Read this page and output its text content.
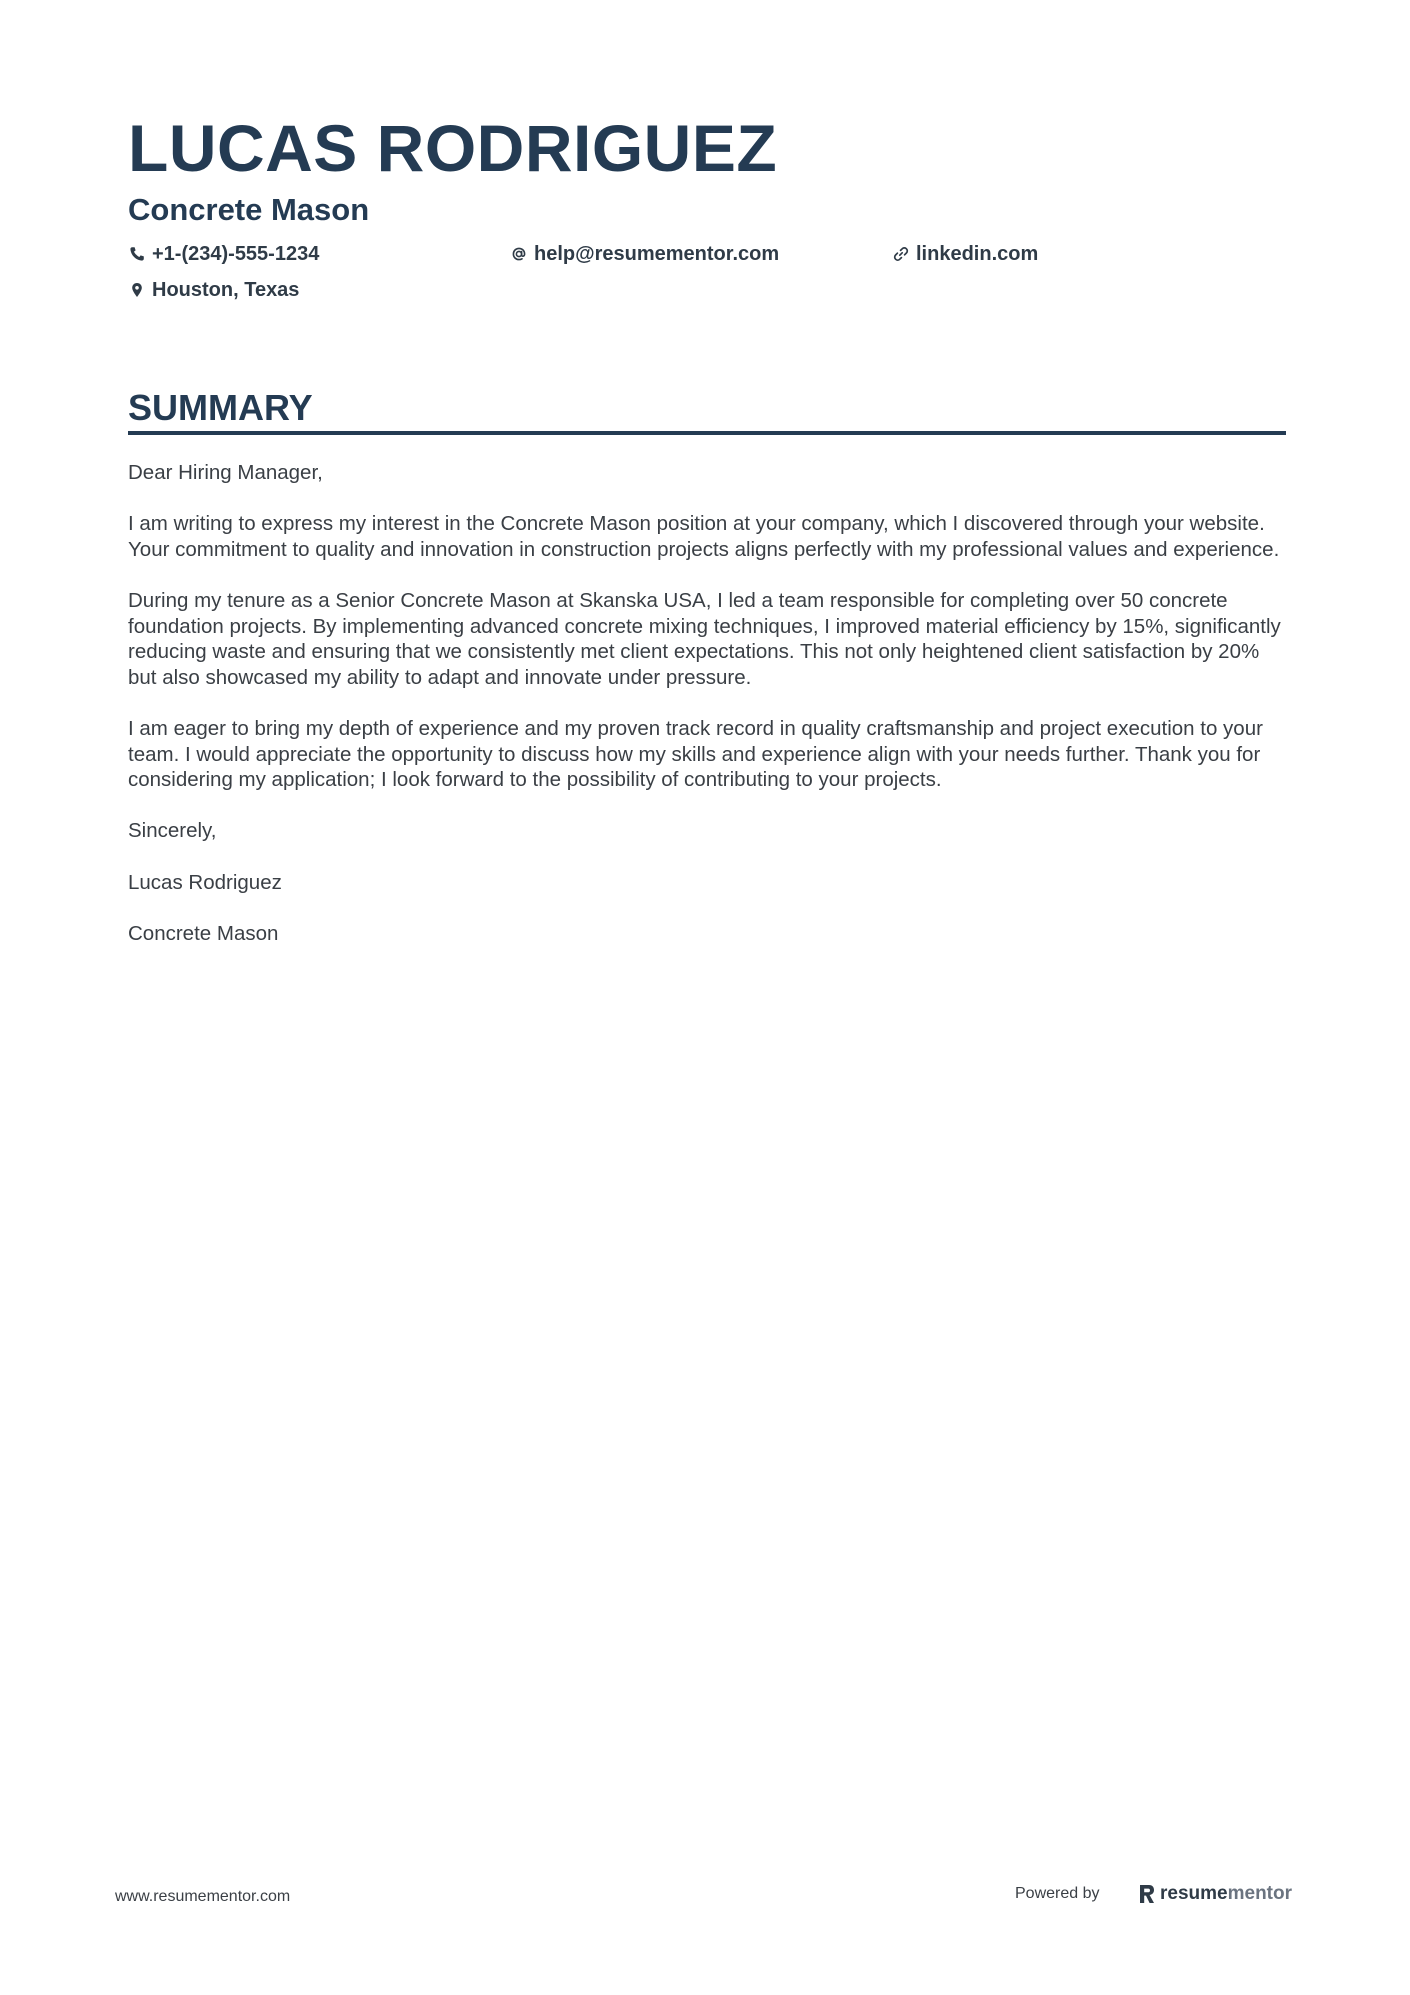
LUCAS RODRIGUEZ
Concrete Mason
+1-(234)-555-1234	help@resumementor.com	linkedin.com
Houston, Texas
SUMMARY

Dear Hiring Manager,

I am writing to express my interest in the Concrete Mason position at your company, which I discovered through your website. Your commitment to quality and innovation in construction projects aligns perfectly with my professional values and experience.

During my tenure as a Senior Concrete Mason at Skanska USA, I led a team responsible for completing over 50 concrete foundation projects. By implementing advanced concrete mixing techniques, I improved material efficiency by 15%, significantly reducing waste and ensuring that we consistently met client expectations. This not only heightened client satisfaction by 20% but also showcased my ability to adapt and innovate under pressure.

I am eager to bring my depth of experience and my proven track record in quality craftsmanship and project execution to your team. I would appreciate the opportunity to discuss how my skills and experience align with your needs further. Thank you for considering my application; I look forward to the possibility of contributing to your projects.

Sincerely,

Lucas Rodriguez

Concrete Mason

www.resumementor.com	Powered by	resume mentor
